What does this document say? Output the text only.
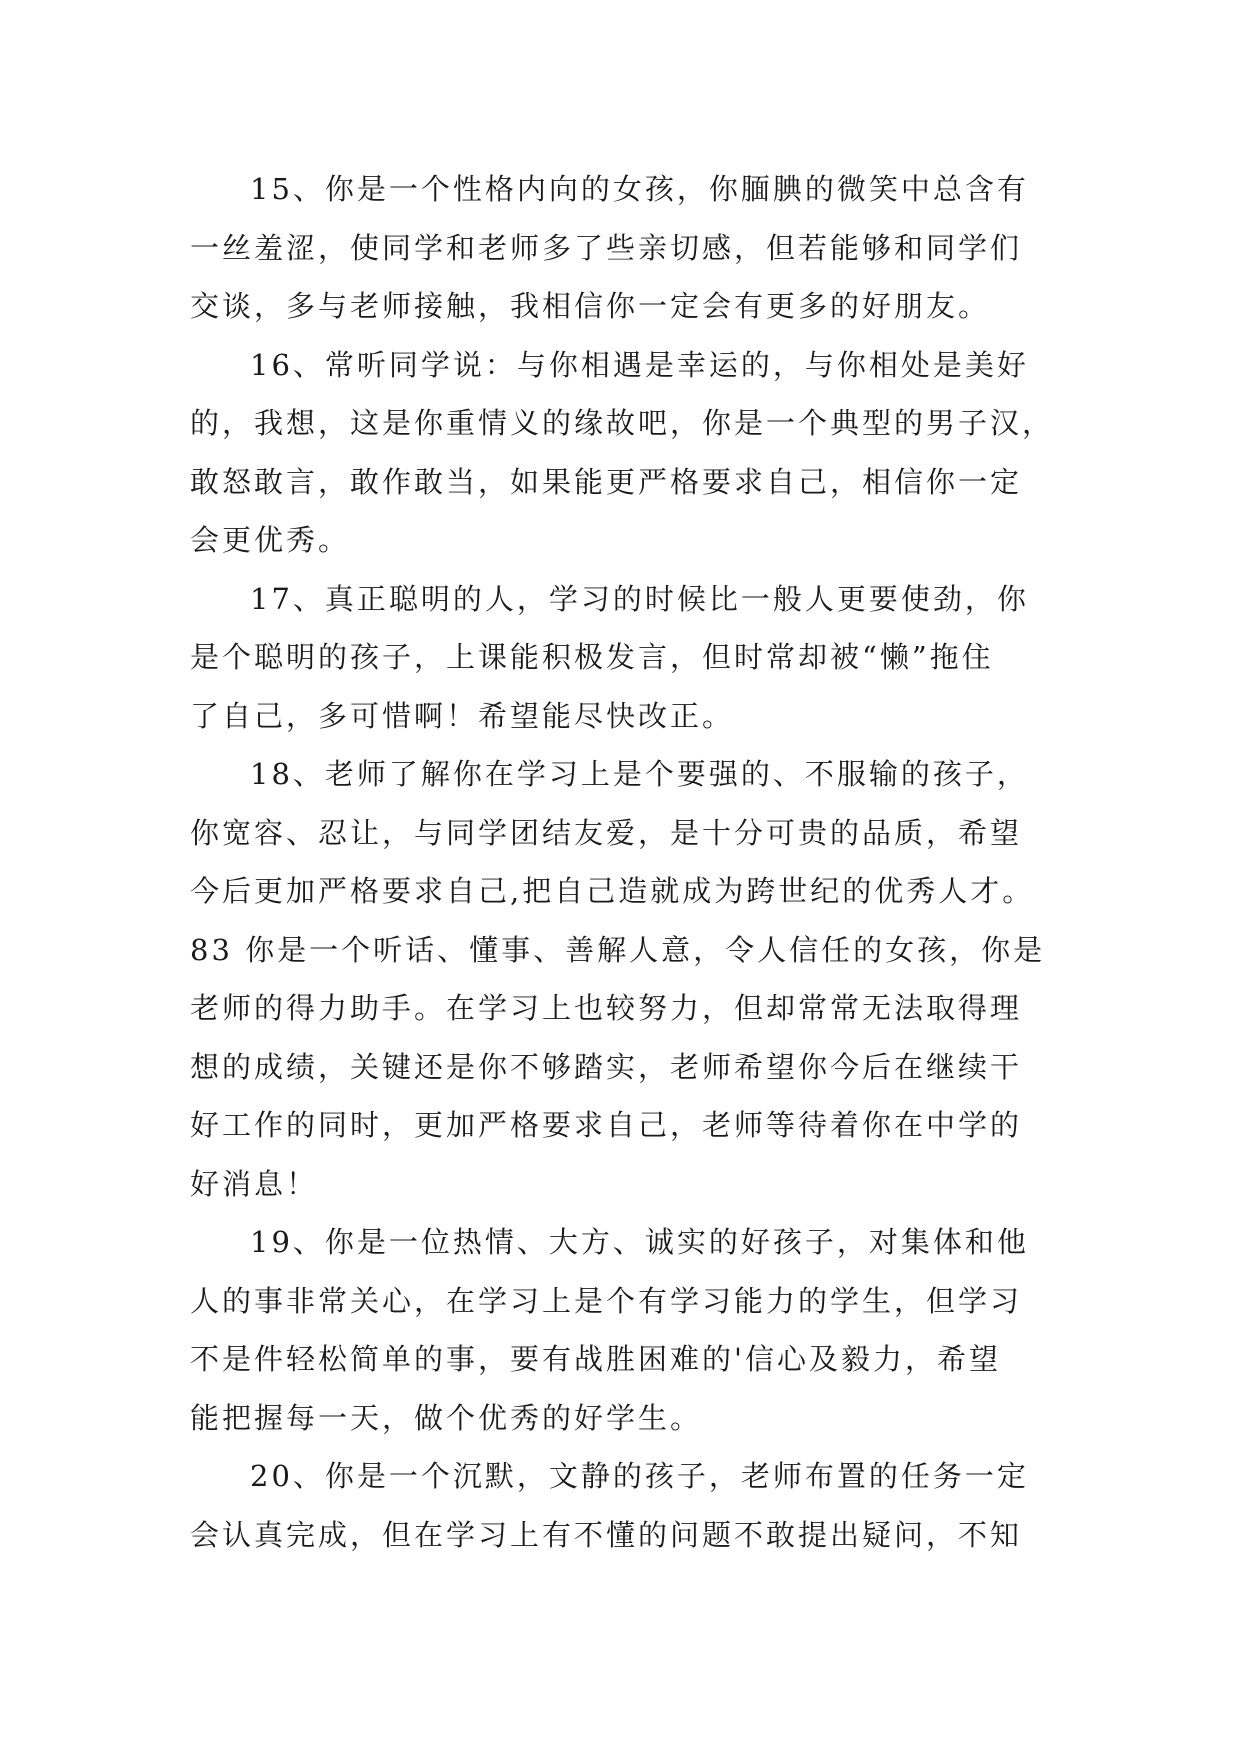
15、你是一个性格内向的女孩，你腼腆的微笑中总含有
一丝羞涩，使同学和老师多了些亲切感，但若能够和同学们
交谈，多与老师接触，我相信你一定会有更多的好朋友。
16、常听同学说：与你相遇是幸运的，与你相处是美好
的，我想，这是你重情义的缘故吧，你是一个典型的男子汉，
敢怒敢言，敢作敢当，如果能更严格要求自己，相信你一定
会更优秀。
17、真正聪明的人，学习的时候比一般人更要使劲，你
是个聪明的孩子，上课能积极发言，但时常却被“懒”拖住
了自己，多可惜啊！希望能尽快改正。
18、老师了解你在学习上是个要强的、不服输的孩子，
你宽容、忍让，与同学团结友爱，是十分可贵的品质，希望
今后更加严格要求自己,把自己造就成为跨世纪的优秀人才。
83 你是一个听话、懂事、善解人意，令人信任的女孩，你是
老师的得力助手。在学习上也较努力，但却常常无法取得理
想的成绩，关键还是你不够踏实，老师希望你今后在继续干
好工作的同时，更加严格要求自己，老师等待着你在中学的
好消息！
19、你是一位热情、大方、诚实的好孩子，对集体和他
人的事非常关心，在学习上是个有学习能力的学生，但学习
不是件轻松简单的事，要有战胜困难的'信心及毅力，希望
能把握每一天，做个优秀的好学生。
20、你是一个沉默，文静的孩子，老师布置的任务一定
会认真完成，但在学习上有不懂的问题不敢提出疑问，不知
